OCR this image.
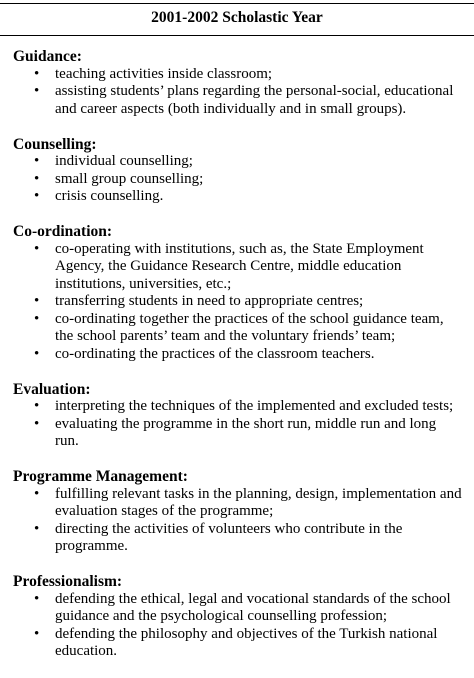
2001-2002 Scholastic Year
Guidance:
• teaching activities inside classroom;
• assisting students’ plans regarding the personal-social, educational and career aspects (both individually and in small groups).
Counselling:
• individual counselling;
• small group counselling;
• crisis counselling.
Co-ordination:
• co-operating with institutions, such as, the State Employment Agency, the Guidance Research Centre, middle education institutions, universities, etc.;
• transferring students in need to appropriate centres;
• co-ordinating together the practices of the school guidance team, the school parents’ team and the voluntary friends’ team;
• co-ordinating the practices of the classroom teachers.
Evaluation:
• interpreting the techniques of the implemented and excluded tests;
• evaluating the programme in the short run, middle run and long run.
Programme Management:
• fulfilling relevant tasks in the planning, design, implementation and evaluation stages of the programme;
• directing the activities of volunteers who contribute in the programme.
Professionalism:
• defending the ethical, legal and vocational standards of the school guidance and the psychological counselling profession;
• defending the philosophy and objectives of the Turkish national education.
